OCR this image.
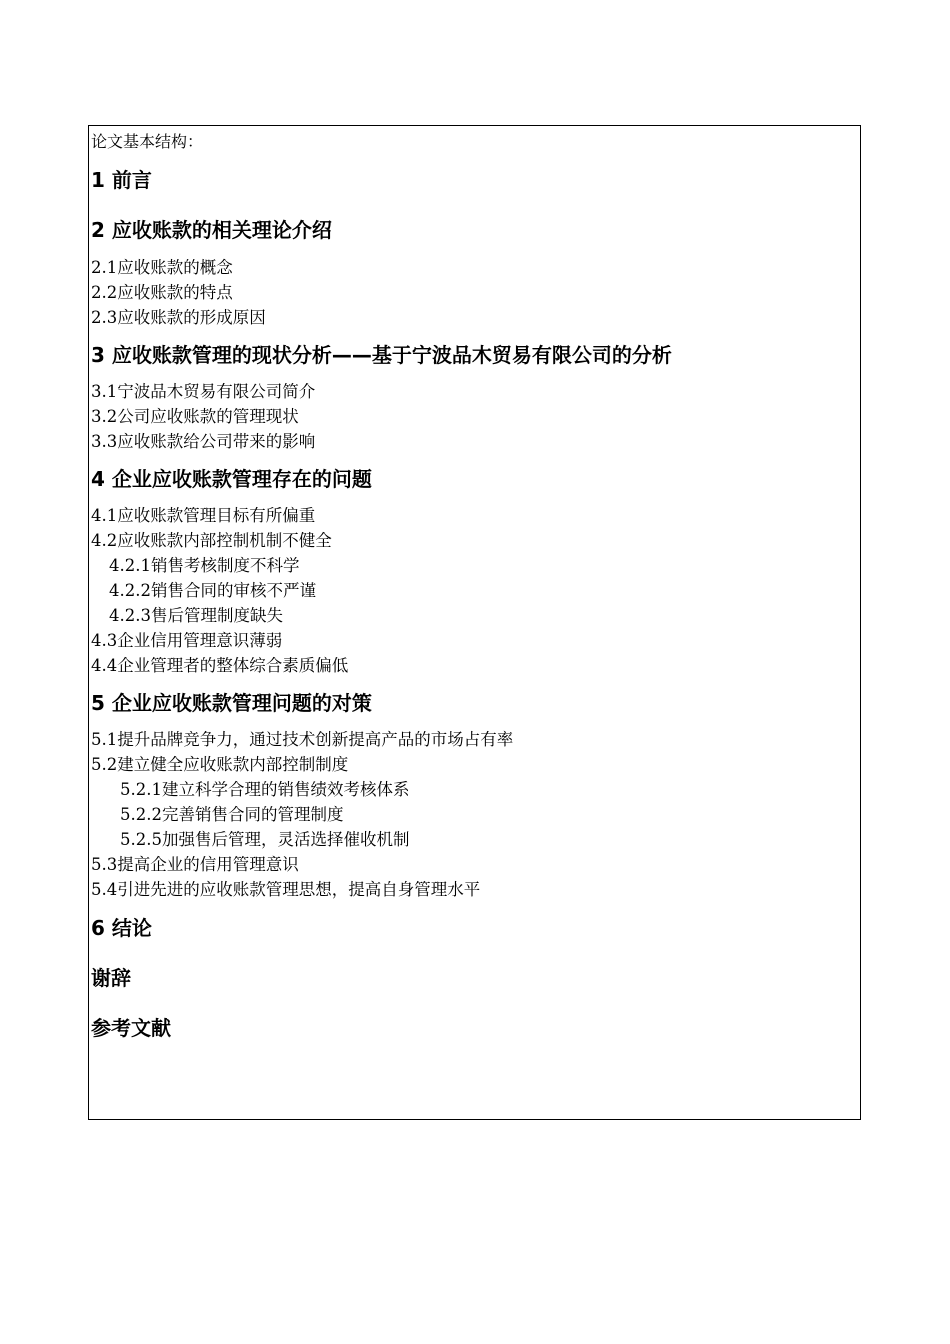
论文基本结构：
1 前言
2 应收账款的相关理论介绍
2.1应收账款的概念
2.2应收账款的特点
2.3应收账款的形成原因
3 应收账款管理的现状分析——基于宁波品木贸易有限公司的分析
3.1宁波品木贸易有限公司简介
3.2公司应收账款的管理现状
3.3应收账款给公司带来的影响
4 企业应收账款管理存在的问题
4.1应收账款管理目标有所偏重
4.2应收账款内部控制机制不健全
4.2.1销售考核制度不科学
4.2.2销售合同的审核不严谨
4.2.3售后管理制度缺失
4.3企业信用管理意识薄弱
4.4企业管理者的整体综合素质偏低
5 企业应收账款管理问题的对策
5.1提升品牌竞争力，通过技术创新提高产品的市场占有率
5.2建立健全应收账款内部控制制度
5.2.1建立科学合理的销售绩效考核体系
5.2.2完善销售合同的管理制度
5.2.5加强售后管理，灵活选择催收机制
5.3提高企业的信用管理意识
5.4引进先进的应收账款管理思想，提高自身管理水平
6 结论
谢辞
参考文献
